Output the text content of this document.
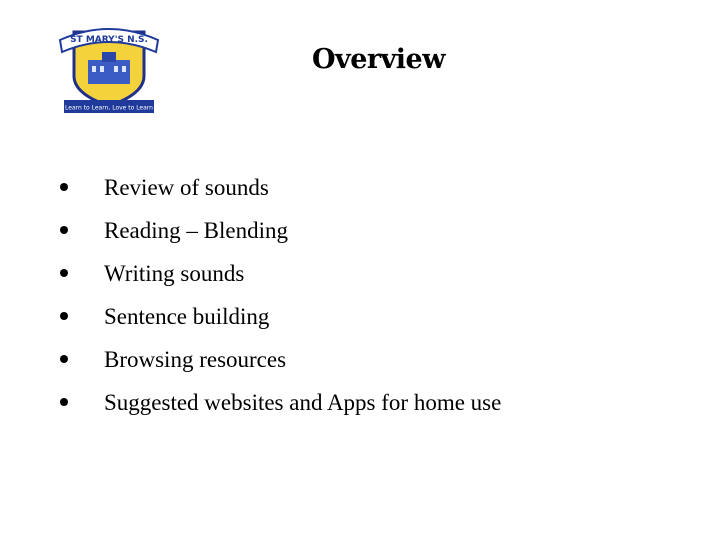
ST MARY'S N.S.
Learn to Learn, Love to Learn
Overview
Review of sounds
Reading – Blending
Writing sounds
Sentence building
Browsing resources
Suggested websites and Apps for home use
